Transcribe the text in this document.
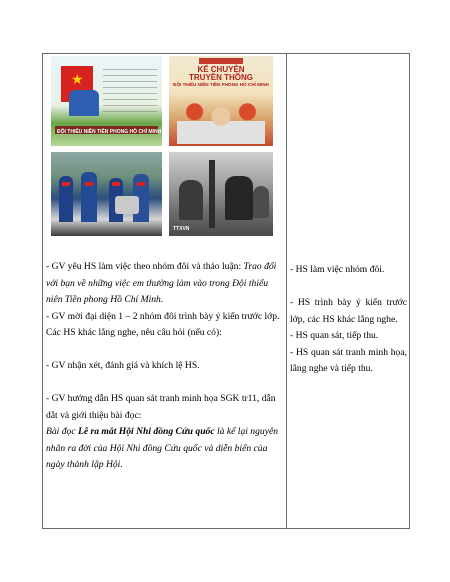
★
ĐỘI THIẾU NIÊN TIỀN PHONG HỒ CHÍ MINH
KỂ CHUYỆN
TRUYỀN THỐNG
ĐỘI THIẾU NIÊN TIỀN PHONG HỒ CHÍ MINH
TTXVN

- GV yêu HS làm việc theo nhóm đôi và thảo luận: Trao đổi với bạn về những việc em thường làm vào trong Đội thiếu niên Tiền phong Hồ Chí Minh.

- GV mời đại diện 1 – 2 nhóm đôi trình bày ý kiến trước lớp. Các HS khác lắng nghe, nêu câu hỏi (nếu có):

- GV nhận xét, đánh giá và khích lệ HS.

- GV hướng dẫn HS quan sát tranh minh họa SGK tr11, dẫn dắt và giới thiệu bài đọc:

Bài đọc Lễ ra mắt Hội Nhi đồng Cứu quốc là kể lại nguyên nhân ra đời của Hội Nhi đồng Cứu quốc và diễn biến của ngày thành lập Hội.

- HS làm việc nhóm đôi.

- HS trình bày ý kiến trước lớp, các HS khác lắng nghe.

- HS quan sát, tiếp thu.

- HS quan sát tranh minh họa, lắng nghe và tiếp thu.
